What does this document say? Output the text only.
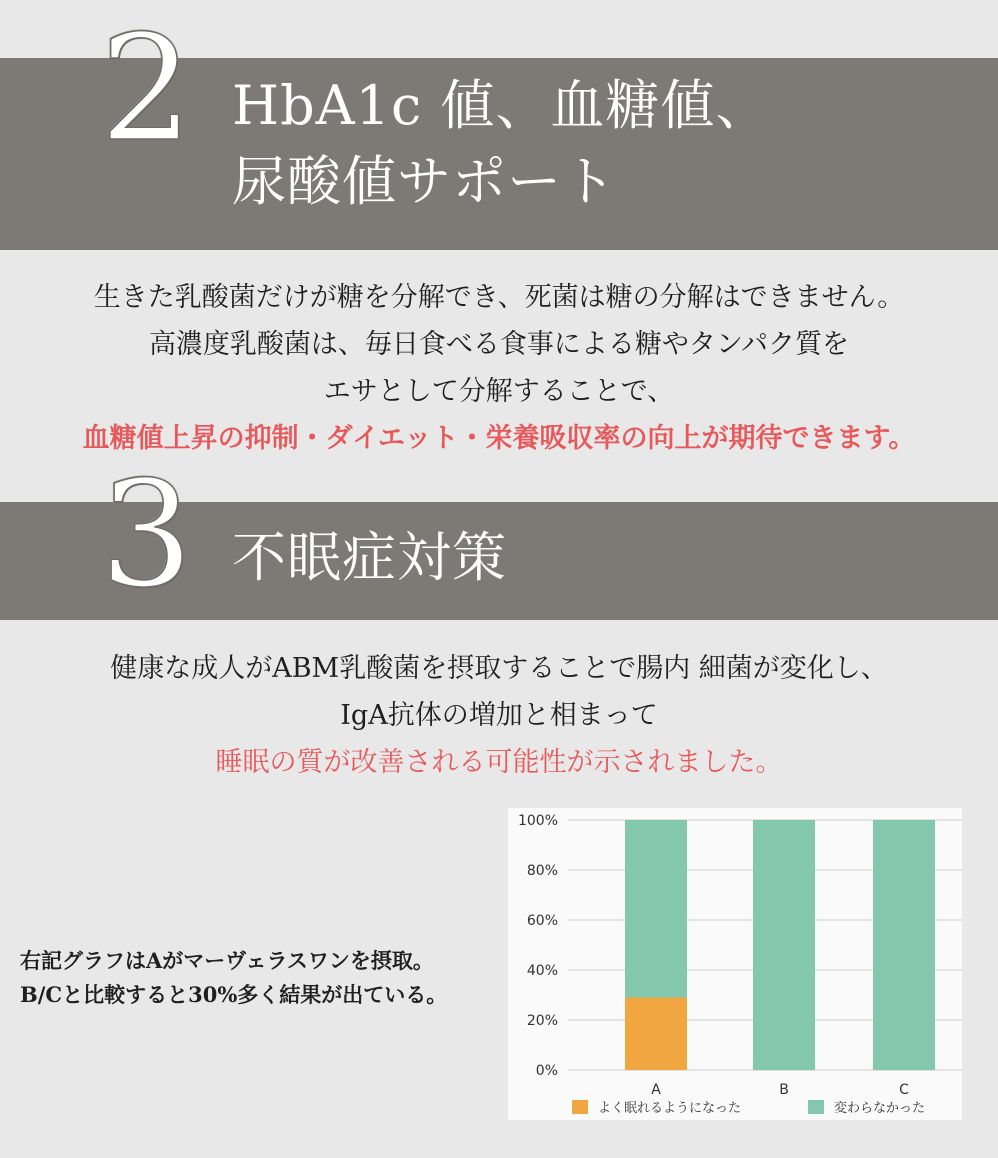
2 HbA1c 値、血糖値、
尿酸値サポート

生きた乳酸菌だけが糖を分解でき、死菌は糖の分解はできません。

高濃度乳酸菌は、毎日食べる食事による糖やタンパク質を

エサとして分解することで、

血糖値上昇の抑制・ダイエット・栄養吸収率の向上が期待できます。

3 不眠症対策

健康な成人がABM乳酸菌を摂取することで腸内 細菌が変化し、

IgA抗体の増加と相まって

睡眠の質が改善される可能性が示されました。

右記グラフはAがマーヴェラスワンを摂取。

B/Cと比較すると30%多く結果が出ている。

0%
20%
40%
60%
80%
100%
A	B	C
よく眠れるようになった	変わらなかった
